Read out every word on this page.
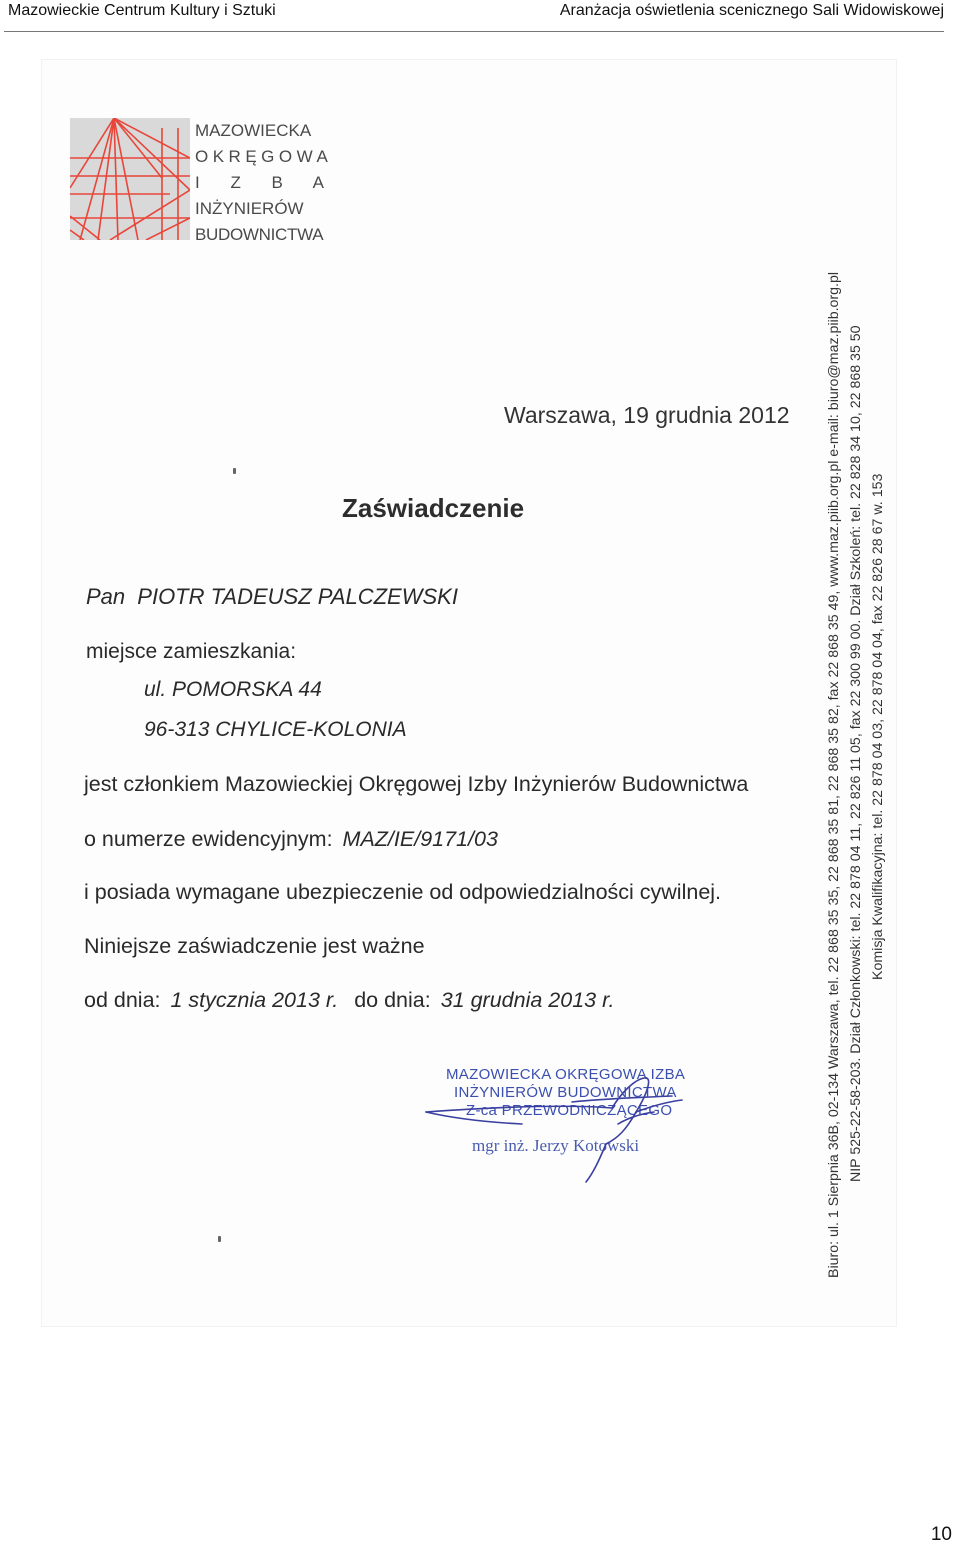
Mazowieckie Centrum Kultury i Sztuki	Aranżacja oświetlenia scenicznego Sali Widowiskowej
MAZOWIECKA
OKRĘGOWA
I Z B A
INŻYNIERÓW
BUDOWNICTWA
Warszawa, 19 grudnia 2012
Zaświadczenie
Pan PIOTR TADEUSZ PALCZEWSKI
miejsce zamieszkania:
ul. POMORSKA 44
96-313 CHYLICE-KOLONIA
jest członkiem Mazowieckiej Okręgowej Izby Inżynierów Budownictwa
o numerze ewidencyjnym: MAZ/IE/9171/03
i posiada wymagane ubezpieczenie od odpowiedzialności cywilnej.
Niniejsze zaświadczenie jest ważne
od dnia: 1 stycznia 2013 r. do dnia: 31 grudnia 2013 r.
MAZOWIECKA OKRĘGOWA IZBA
INŻYNIERÓW BUDOWNICTWA
Z-ca PRZEWODNICZĄCEGO
mgr inż. Jerzy Kotowski	Biuro: ul. 1 Sierpnia 36B, 02-134 Warszawa, tel. 22 868 35 35, 22 868 35 81, 22 868 35 82, fax 22 868 35 49, www.maz.piib.org.pl e-mail: biuro@maz.piib.org.pl NIP 525-22-58-203. Dział Członkowski: tel. 22 878 04 11, 22 826 11 05, fax 22 300 99 00. Dział Szkoleń: tel. 22 828 34 10, 22 868 35 50 Komisja Kwalifikacyjna: tel. 22 878 04 03, 22 878 04 04, fax 22 826 28 67 w. 153
10
